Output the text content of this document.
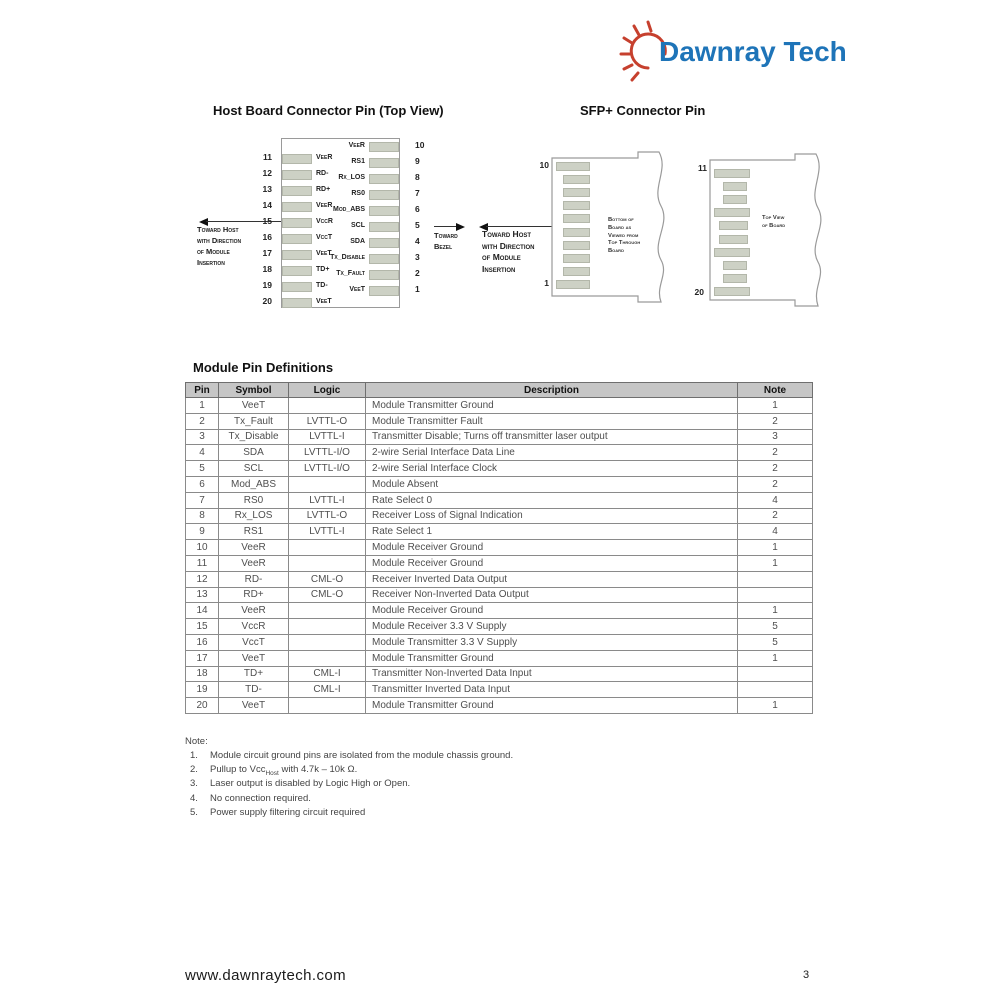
Dawnray Tech
Host Board Connector Pin (Top View)	SFP+ Connector Pin
Toward Host
with Direction
of Module
Insertion
Toward
Bezel
Toward Host
with Direction
of Module
Insertion
10
1
Bottom of
Board as
Viewed from
Top Through
Board
11
20
Top View
of Board
Module Pin Definitions
Pin	Symbol	Logic	Description	Note
1	VeeT		Module Transmitter Ground	1
2	Tx_Fault	LVTTL-O	Module Transmitter Fault	2
3	Tx_Disable	LVTTL-I	Transmitter Disable; Turns off transmitter laser output	3
4	SDA	LVTTL-I/O	2-wire Serial Interface Data Line	2
5	SCL	LVTTL-I/O	2-wire Serial Interface Clock	2
6	Mod_ABS		Module Absent	2
7	RS0	LVTTL-I	Rate Select 0	4
8	Rx_LOS	LVTTL-O	Receiver Loss of Signal Indication	2
9	RS1	LVTTL-I	Rate Select 1	4
10	VeeR		Module Receiver Ground	1
11	VeeR		Module Receiver Ground	1
12	RD-	CML-O	Receiver Inverted Data Output	
13	RD+	CML-O	Receiver Non-Inverted Data Output	
14	VeeR		Module Receiver Ground	1
15	VccR		Module Receiver 3.3 V Supply	5
16	VccT		Module Transmitter 3.3 V Supply	5
17	VeeT		Module Transmitter Ground	1
18	TD+	CML-I	Transmitter Non-Inverted Data Input	
19	TD-	CML-I	Transmitter Inverted Data Input	
20	VeeT		Module Transmitter Ground	1
Note:
1. Module circuit ground pins are isolated from the module chassis ground.
2. Pullup to Vcc$_{Host}$ with 4.7k – 10k Ω.
3. Laser output is disabled by Logic High or Open.
4. No connection required.
5. Power supply filtering circuit required
www.dawnraytech.com	3
11	VeeR
12	RD-
13	RD+
14	VeeR
15	VccR
16	VccT
17	VeeT
18	TD+
19	TD-
20	VeeT
VeeR	10
RS1	9
Rx_LOS	8
RS0	7
Mod_ABS	6
SCL	5
SDA	4
Tx_Disable	3
Tx_Fault	2
VeeT	1
